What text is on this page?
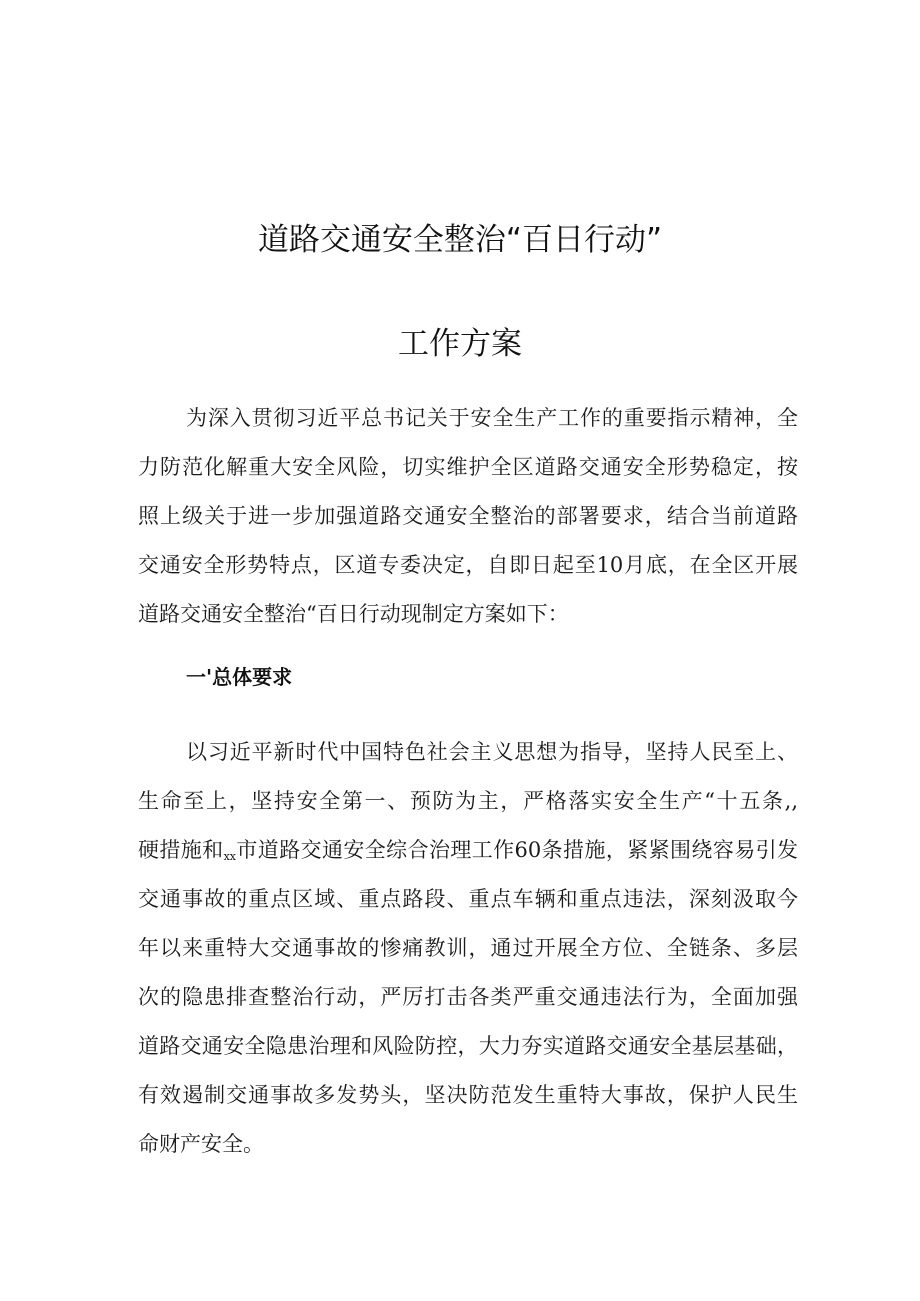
道路交通安全整治“百日行动”
工作方案
为深入贯彻习近平总书记关于安全生产工作的重要指示精神，全
力防范化解重大安全风险，切实维护全区道路交通安全形势稳定，按
照上级关于进一步加强道路交通安全整治的部署要求，结合当前道路
交通安全形势特点，区道专委决定，自即日起至10月底，在全区开展
道路交通安全整治“百日行动现制定方案如下：
一'总体要求
以习近平新时代中国特色社会主义思想为指导，坚持人民至上、
生命至上，坚持安全第一、预防为主，严格落实安全生产“十五条,,
硬措施和xx市道路交通安全综合治理工作60条措施，紧紧围绕容易引发
交通事故的重点区域、重点路段、重点车辆和重点违法，深刻汲取今
年以来重特大交通事故的惨痛教训，通过开展全方位、全链条、多层
次的隐患排查整治行动，严厉打击各类严重交通违法行为，全面加强
道路交通安全隐患治理和风险防控，大力夯实道路交通安全基层基础，
有效遏制交通事故多发势头，坚决防范发生重特大事故，保护人民生
命财产安全。
